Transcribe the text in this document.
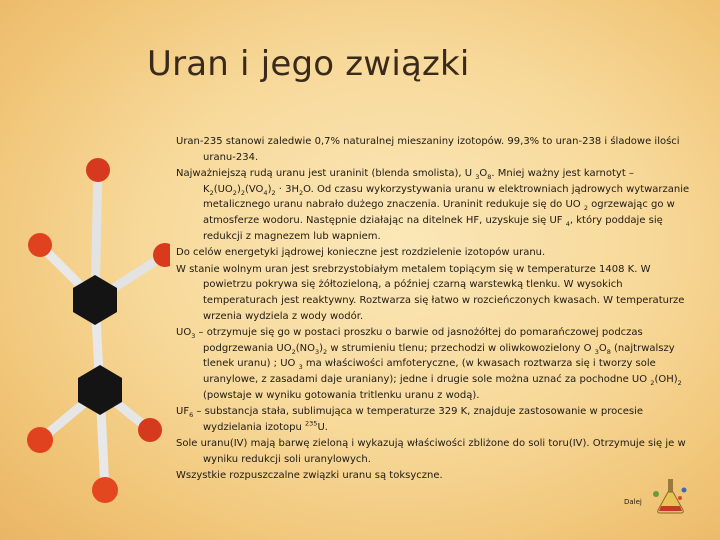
Uran i jego związki

Uran-235 stanowi zaledwie 0,7% naturalnej mieszaniny izotopów. 99,3% to uran-238 i śladowe ilości uranu-234.

Najważniejszą rudą uranu jest uraninit (blenda smolista), U $_3O_8$. Mniej ważny jest karnotyt – $K_2(UO_2)_2(VO_4)_2 \cdot 3H_2O$. Od czasu wykorzystywania uranu w elektrowniach jądrowych wytwarzanie metalicznego uranu nabrało dużego znaczenia. Uraninit redukuje się do UO $_2$ ogrzewając go w atmosferze wodoru. Następnie działając na ditelnek HF, uzyskuje się UF $_4$, który poddaje się redukcji z magnezem lub wapniem.

Do celów energetyki jądrowej konieczne jest rozdzielenie izotopów uranu.

W stanie wolnym uran jest srebrzystobiałym metalem topiącym się w temperaturze 1408 K. W powietrzu pokrywa się żółtozieloną, a później czarną warstewką tlenku. W wysokich temperaturach jest reaktywny. Roztwarza się łatwo w rozcieńczonych kwasach. W temperaturze wrzenia wydziela z wody wodór.

$UO_3$ – otrzymuje się go w postaci proszku o barwie od jasnożółtej do pomarańczowej podczas podgrzewania $UO_2(NO_3)_2$ w strumieniu tlenu; przechodzi w oliwkowozielony O $_3O_8$ (najtrwalszy tlenek uranu) ; UO $_3$ ma właściwości amfoteryczne, (w kwasach roztwarza się i tworzy sole uranylowe, z zasadami daje uraniany); jedne i drugie sole można uznać za pochodne UO $_2(OH)_2$ (powstaje w wyniku gotowania tritlenku uranu z wodą).

$UF_6$ – substancja stała, sublimująca w temperaturze 329 K, znajduje zastosowanie w procesie wydzielania izotopu $^{235}$U.

Sole uranu(IV) mają barwę zieloną i wykazują właściwości zbliżone do soli toru(IV). Otrzymuje się je w wyniku redukcji soli uranylowych.

Wszystkie rozpuszczalne związki uranu są toksyczne.

Dalej
